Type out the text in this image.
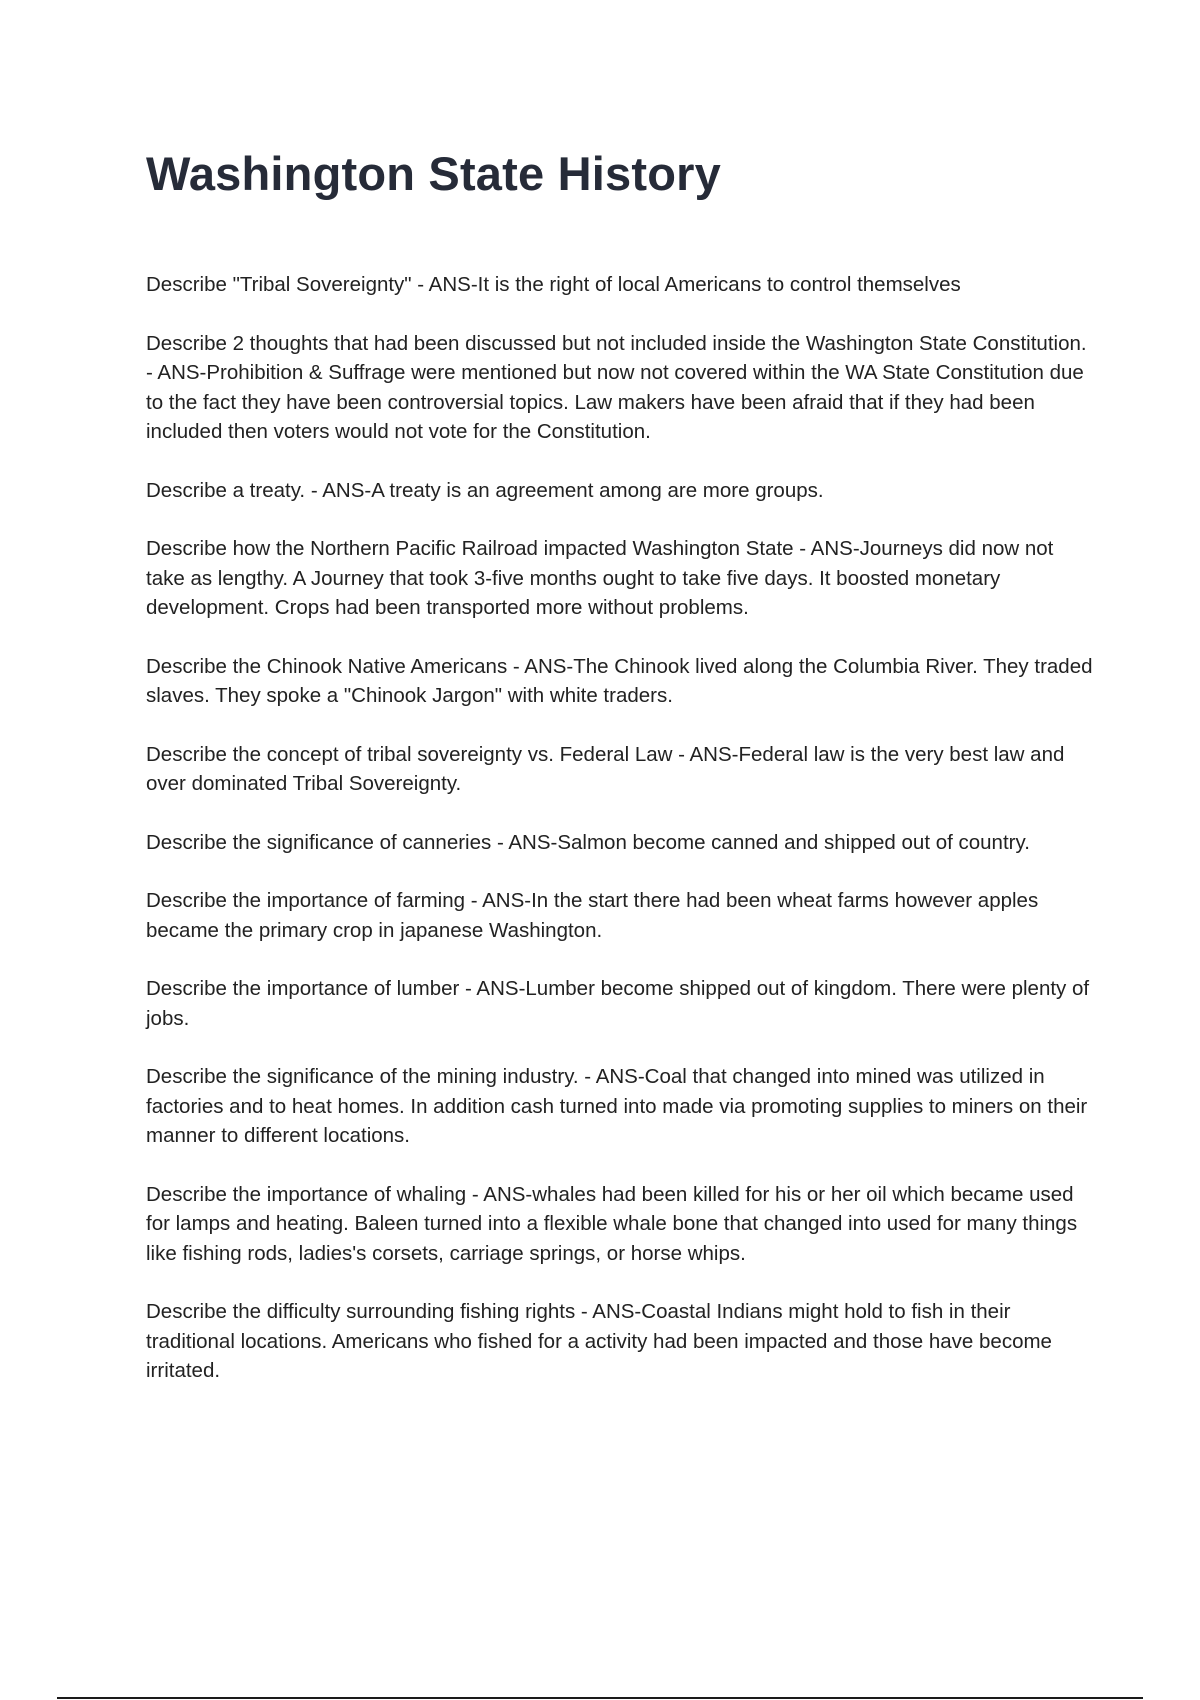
Washington State History
Describe "Tribal Sovereignty" - ANS-It is the right of local Americans to control themselves
Describe 2 thoughts that had been discussed but not included inside the Washington State Constitution. - ANS-Prohibition & Suffrage were mentioned but now not covered within the WA State Constitution due to the fact they have been controversial topics. Law makers have been afraid that if they had been included then voters would not vote for the Constitution.
Describe a treaty. - ANS-A treaty is an agreement among are more groups.
Describe how the Northern Pacific Railroad impacted Washington State - ANS-Journeys did now not take as lengthy. A Journey that took 3-five months ought to take five days. It boosted monetary development. Crops had been transported more without problems.
Describe the Chinook Native Americans - ANS-The Chinook lived along the Columbia River. They traded slaves. They spoke a "Chinook Jargon" with white traders.
Describe the concept of tribal sovereignty vs. Federal Law - ANS-Federal law is the very best law and over dominated Tribal Sovereignty.
Describe the significance of canneries - ANS-Salmon become canned and shipped out of country.
Describe the importance of farming - ANS-In the start there had been wheat farms however apples became the primary crop in japanese Washington.
Describe the importance of lumber - ANS-Lumber become shipped out of kingdom. There were plenty of jobs.
Describe the significance of the mining industry. - ANS-Coal that changed into mined was utilized in factories and to heat homes. In addition cash turned into made via promoting supplies to miners on their manner to different locations.
Describe the importance of whaling - ANS-whales had been killed for his or her oil which became used for lamps and heating. Baleen turned into a flexible whale bone that changed into used for many things like fishing rods, ladies's corsets, carriage springs, or horse whips.
Describe the difficulty surrounding fishing rights - ANS-Coastal Indians might hold to fish in their traditional locations. Americans who fished for a activity had been impacted and those have become irritated.
